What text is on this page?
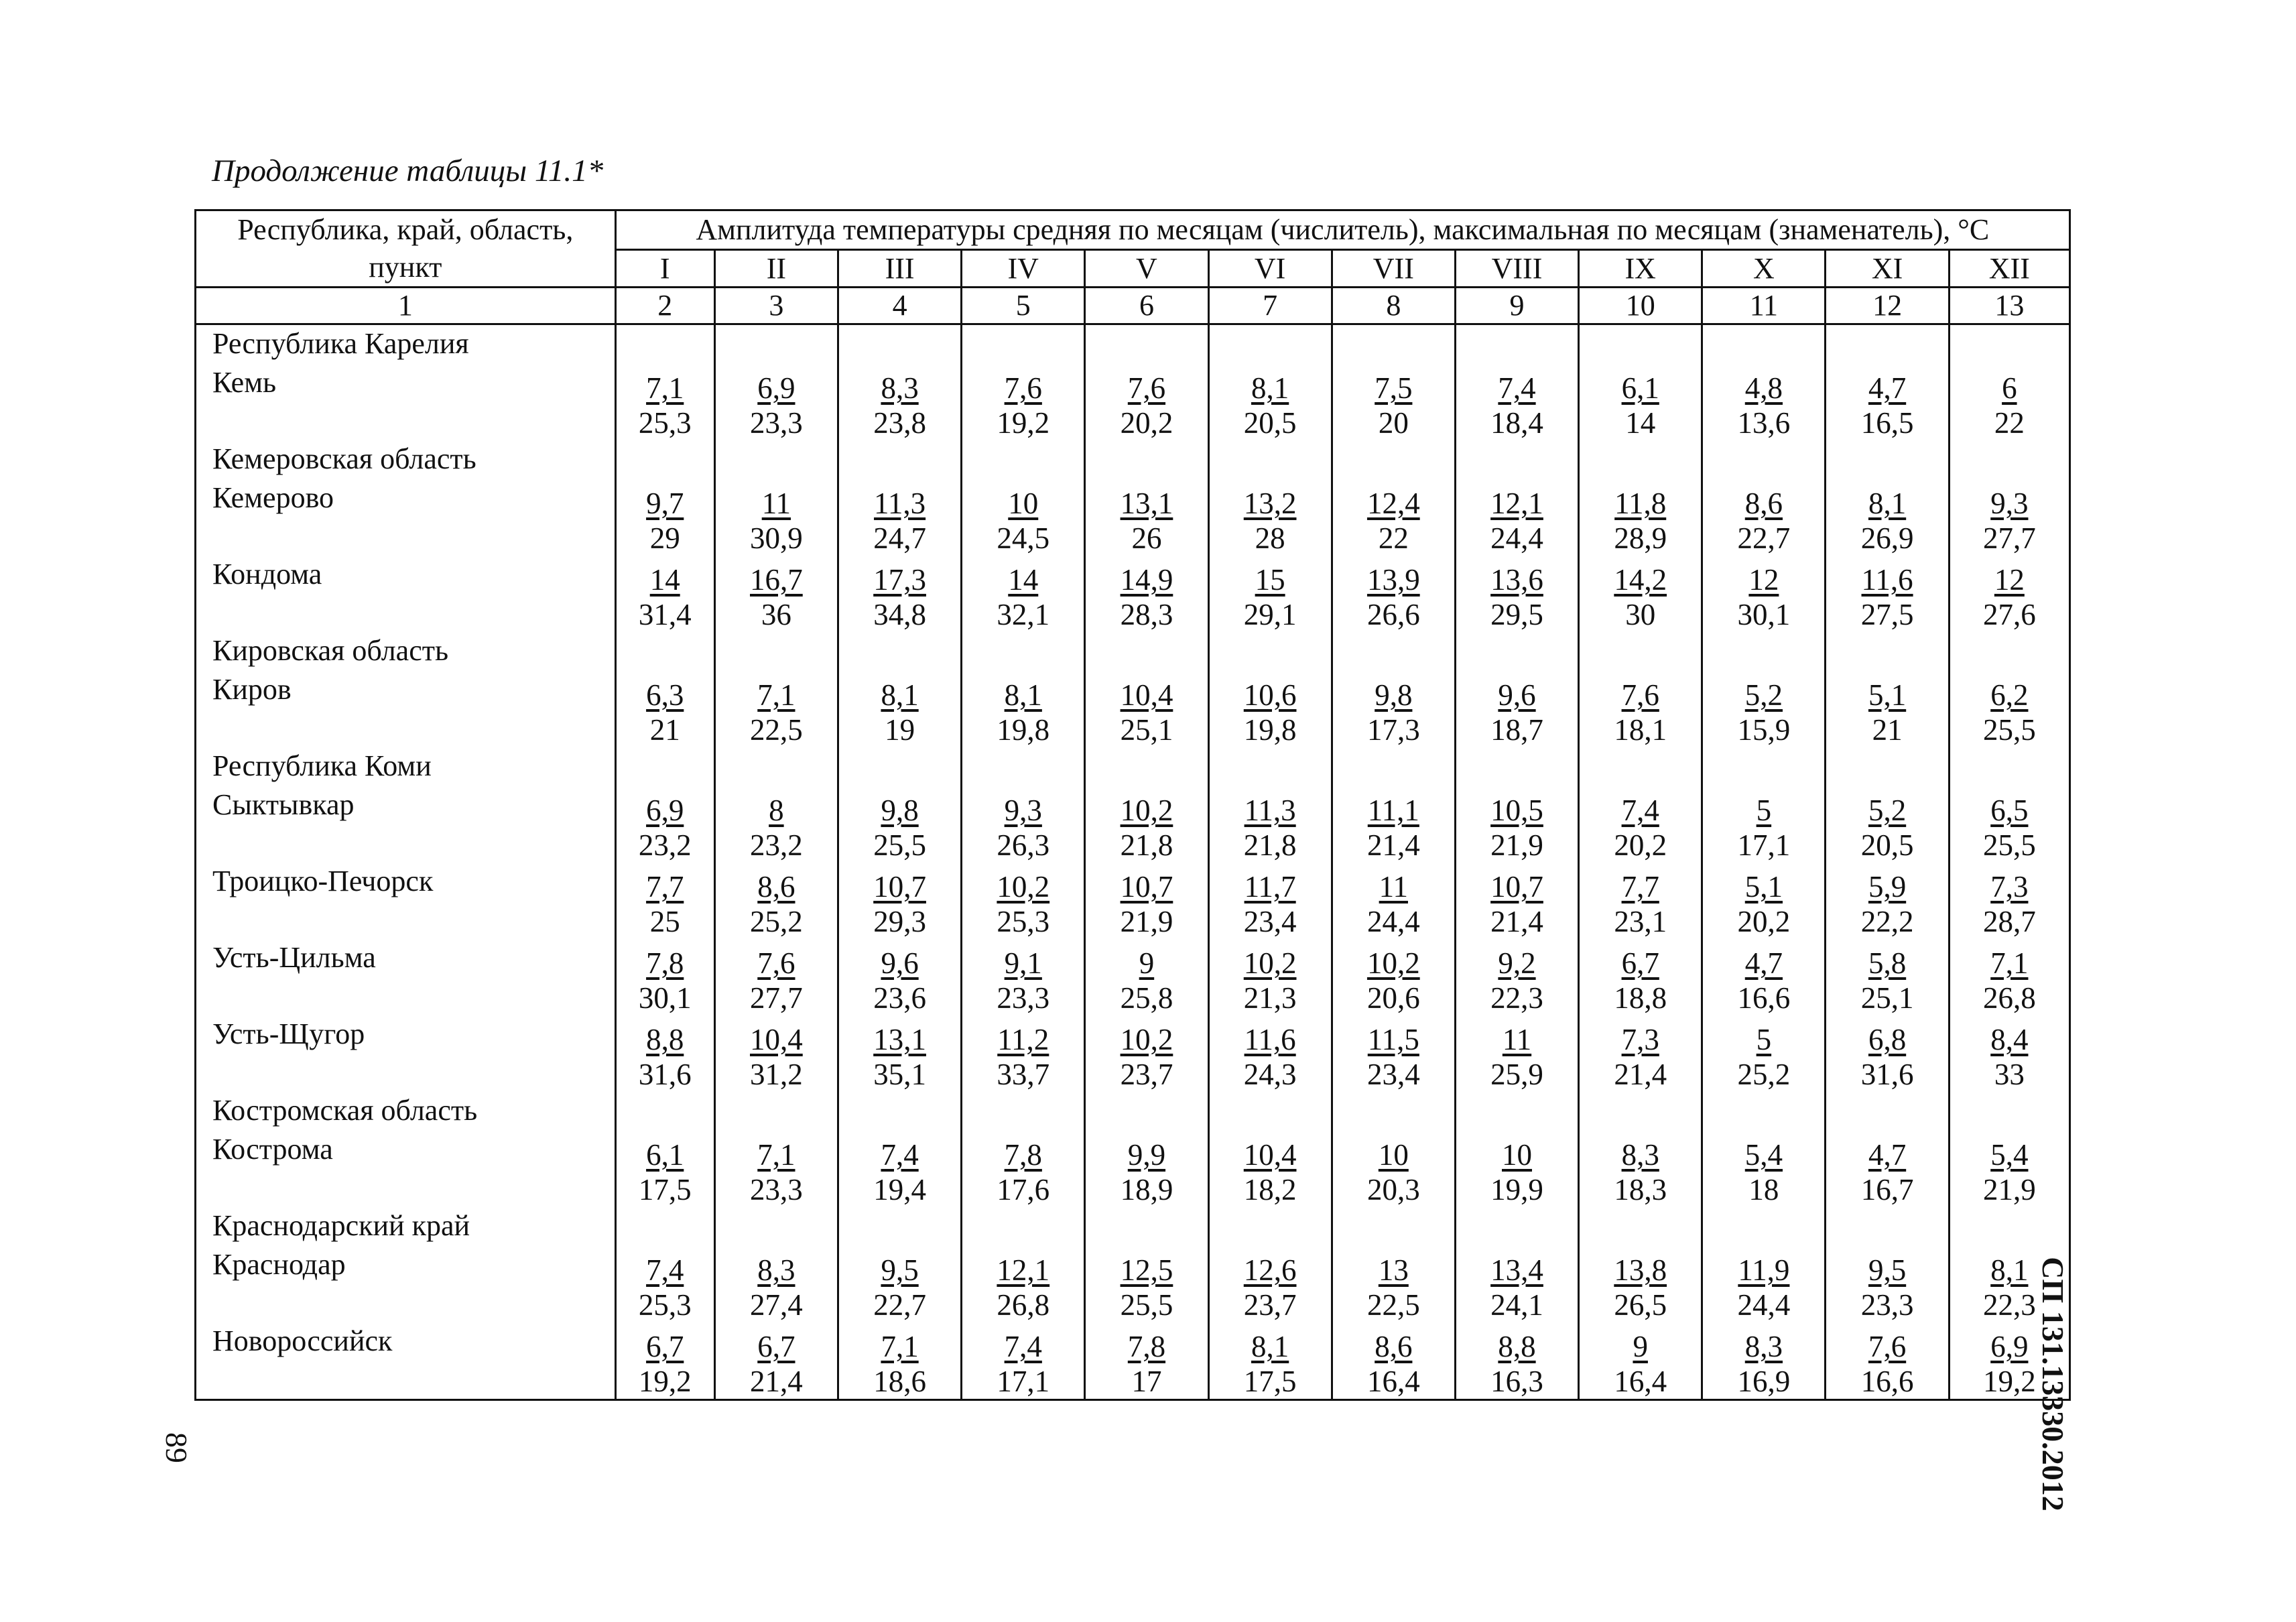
Продолжение таблицы 11.1*
Республика, край, область, пункт	Амплитуда температуры средняя по месяцам (числитель), максимальная по месяцам (знаменатель), °С											
	I	II	III	IV	V	VI	VII	VIII	IX	X	XI	XII
1	2	3	4	5	6	7	8	9	10	11	12	13
Республика Карелия												
Кемь	$\frac{7,1}{25,3}$	$\frac{6,9}{23,3}$	$\frac{8,3}{23,8}$	$\frac{7,6}{19,2}$	$\frac{7,6}{20,2}$	$\frac{8,1}{20,5}$	$\frac{7,5}{20}$	$\frac{7,4}{18,4}$	$\frac{6,1}{14}$	$\frac{4,8}{13,6}$	$\frac{4,7}{16,5}$	$\frac{6}{22}$

Кемеровская область												
Кемерово	$\frac{9,7}{29}$	$\frac{11}{30,9}$	$\frac{11,3}{24,7}$	$\frac{10}{24,5}$	$\frac{13,1}{26}$	$\frac{13,2}{28}$	$\frac{12,4}{22}$	$\frac{12,1}{24,4}$	$\frac{11,8}{28,9}$	$\frac{8,6}{22,7}$	$\frac{8,1}{26,9}$	$\frac{9,3}{27,7}$

Кондома	$\frac{14}{31,4}$	$\frac{16,7}{36}$	$\frac{17,3}{34,8}$	$\frac{14}{32,1}$	$\frac{14,9}{28,3}$	$\frac{15}{29,1}$	$\frac{13,9}{26,6}$	$\frac{13,6}{29,5}$	$\frac{14,2}{30}$	$\frac{12}{30,1}$	$\frac{11,6}{27,5}$	$\frac{12}{27,6}$

Кировская область												
Киров	$\frac{6,3}{21}$	$\frac{7,1}{22,5}$	$\frac{8,1}{19}$	$\frac{8,1}{19,8}$	$\frac{10,4}{25,1}$	$\frac{10,6}{19,8}$	$\frac{9,8}{17,3}$	$\frac{9,6}{18,7}$	$\frac{7,6}{18,1}$	$\frac{5,2}{15,9}$	$\frac{5,1}{21}$	$\frac{6,2}{25,5}$

Республика Коми												
Сыктывкар	$\frac{6,9}{23,2}$	$\frac{8}{23,2}$	$\frac{9,8}{25,5}$	$\frac{9,3}{26,3}$	$\frac{10,2}{21,8}$	$\frac{11,3}{21,8}$	$\frac{11,1}{21,4}$	$\frac{10,5}{21,9}$	$\frac{7,4}{20,2}$	$\frac{5}{17,1}$	$\frac{5,2}{20,5}$	$\frac{6,5}{25,5}$

Троицко-Печорск	$\frac{7,7}{25}$	$\frac{8,6}{25,2}$	$\frac{10,7}{29,3}$	$\frac{10,2}{25,3}$	$\frac{10,7}{21,9}$	$\frac{11,7}{23,4}$	$\frac{11}{24,4}$	$\frac{10,7}{21,4}$	$\frac{7,7}{23,1}$	$\frac{5,1}{20,2}$	$\frac{5,9}{22,2}$	$\frac{7,3}{28,7}$

Усть-Цильма	$\frac{7,8}{30,1}$	$\frac{7,6}{27,7}$	$\frac{9,6}{23,6}$	$\frac{9,1}{23,3}$	$\frac{9}{25,8}$	$\frac{10,2}{21,3}$	$\frac{10,2}{20,6}$	$\frac{9,2}{22,3}$	$\frac{6,7}{18,8}$	$\frac{4,7}{16,6}$	$\frac{5,8}{25,1}$	$\frac{7,1}{26,8}$

Усть-Щугор	$\frac{8,8}{31,6}$	$\frac{10,4}{31,2}$	$\frac{13,1}{35,1}$	$\frac{11,2}{33,7}$	$\frac{10,2}{23,7}$	$\frac{11,6}{24,3}$	$\frac{11,5}{23,4}$	$\frac{11}{25,9}$	$\frac{7,3}{21,4}$	$\frac{5}{25,2}$	$\frac{6,8}{31,6}$	$\frac{8,4}{33}$

Костромская область												
Кострома	$\frac{6,1}{17,5}$	$\frac{7,1}{23,3}$	$\frac{7,4}{19,4}$	$\frac{7,8}{17,6}$	$\frac{9,9}{18,9}$	$\frac{10,4}{18,2}$	$\frac{10}{20,3}$	$\frac{10}{19,9}$	$\frac{8,3}{18,3}$	$\frac{5,4}{18}$	$\frac{4,7}{16,7}$	$\frac{5,4}{21,9}$

Краснодарский край												
Краснодар	$\frac{7,4}{25,3}$	$\frac{8,3}{27,4}$	$\frac{9,5}{22,7}$	$\frac{12,1}{26,8}$	$\frac{12,5}{25,5}$	$\frac{12,6}{23,7}$	$\frac{13}{22,5}$	$\frac{13,4}{24,1}$	$\frac{13,8}{26,5}$	$\frac{11,9}{24,4}$	$\frac{9,5}{23,3}$	$\frac{8,1}{22,3}$

Новороссийск	$\frac{6,7}{19,2}$	$\frac{6,7}{21,4}$	$\frac{7,1}{18,6}$	$\frac{7,4}{17,1}$	$\frac{7,8}{17}$	$\frac{8,1}{17,5}$	$\frac{8,6}{16,4}$	$\frac{8,8}{16,3}$	$\frac{9}{16,4}$	$\frac{8,3}{16,9}$	$\frac{7,6}{16,6}$	$\frac{6,9}{19,2}$ СП 131.13330.2012
89
